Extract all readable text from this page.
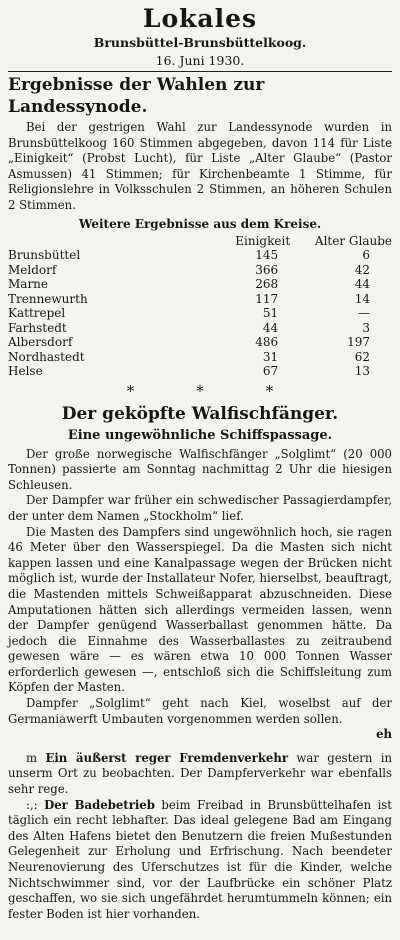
Lokales
Brunsbüttel-Brunsbüttelkoog.
16. Juni 1930.
Ergebnisse der Wahlen zur Landessynode.

Bei der gestrigen Wahl zur Landessynode wurden in Brunsbüttelkoog 160 Stimmen abgegeben, davon 114 für Liste „Einigkeit“ (Probst Lucht), für Liste „Alter Glaube“ (Pastor Asmussen) 41 Stimmen; für Kirchenbeamte 1 Stimme, für Religionslehre in Volksschulen 2 Stimmen, an höheren Schulen 2 Stimmen.

Weitere Ergebnisse aus dem Kreise.
	Einigkeit	Alter Glaube
Brunsbüttel	145	6
Meldorf	366	42
Marne	268	44
Trennewurth	117	14
Kattrepel	51	—
Farhstedt	44	3
Albersdorf	486	197
Nordhastedt	31	62
Helse	67	13
*	*	*
Der geköpfte Walfischfänger.
Eine ungewöhnliche Schiffspassage.

Der große norwegische Walfischfänger „Solglimt“ (20 000 Tonnen) passierte am Sonntag nachmittag 2 Uhr die hiesigen Schleusen.

Der Dampfer war früher ein schwedischer Passagierdampfer, der unter dem Namen „Stockholm“ lief.

Die Masten des Dampfers sind ungewöhnlich hoch, sie ragen 46 Meter über den Wasserspiegel. Da die Masten sich nicht kappen lassen und eine Kanalpassage wegen der Brücken nicht möglich ist, wurde der Installateur Nofer, hierselbst, beauftragt, die Mastenden mittels Schweißapparat abzuschneiden. Diese Amputationen hätten sich allerdings vermeiden lassen, wenn der Dampfer genügend Wasserballast genommen hätte. Da jedoch die Einnahme des Wasserballastes zu zeitraubend gewesen wäre — es wären etwa 10 000 Tonnen Wasser erforderlich gewesen —, entschloß sich die Schiffsleitung zum Köpfen der Masten.

Dampfer „Solglimt“ geht nach Kiel, woselbst auf der Germaniawerft Umbauten vorgenommen werden sollen.

eh

m Ein äußerst reger Fremdenverkehr war gestern in unserm Ort zu beobachten. Der Dampferverkehr war ebenfalls sehr rege.

:,: Der Badebetrieb beim Freibad in Brunsbüttelhafen ist täglich ein recht lebhafter. Das ideal gelegene Bad am Eingang des Alten Hafens bietet den Benutzern die freien Mußestunden Gelegenheit zur Erholung und Erfrischung. Nach beendeter Neurenovierung des Uferschutzes ist für die Kinder, welche Nichtschwimmer sind, vor der Laufbrücke ein schöner Platz geschaffen, wo sie sich ungefährdet herumtummeln können; ein fester Boden ist hier vorhanden.
